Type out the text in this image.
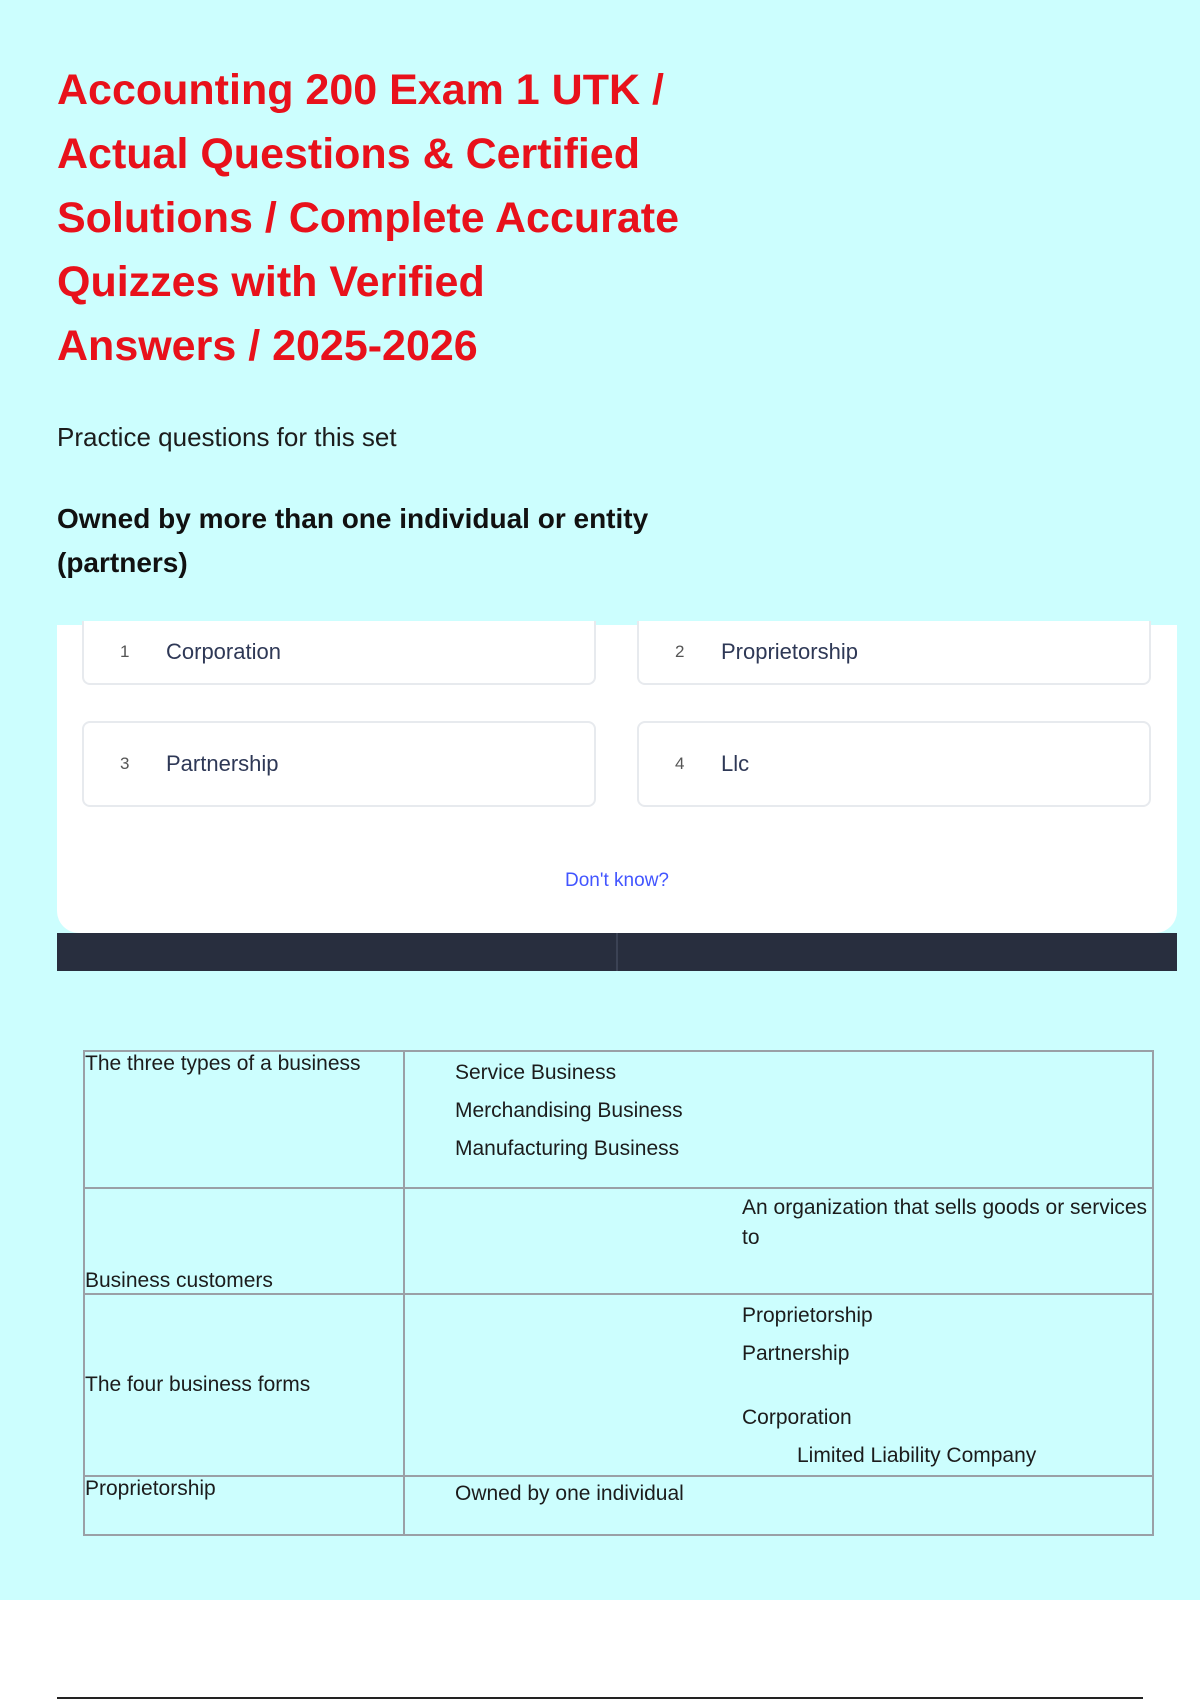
Accounting 200 Exam 1 UTK /
Actual Questions & Certified
Solutions / Complete Accurate
Quizzes with Verified
Answers / 2025-2026
Practice questions for this set
Owned by more than one individual or entity (partners)
1	Corporation	2	Proprietorship
3	Partnership	4	Llc
Don't know?
The three types of a business	Service Business

Merchandising Business

Manufacturing Business

Business customers	An organization that sells goods or services to

The four business forms	Proprietorship

Partnership

Corporation

Limited Liability Company

Proprietorship	Owned by one individual
